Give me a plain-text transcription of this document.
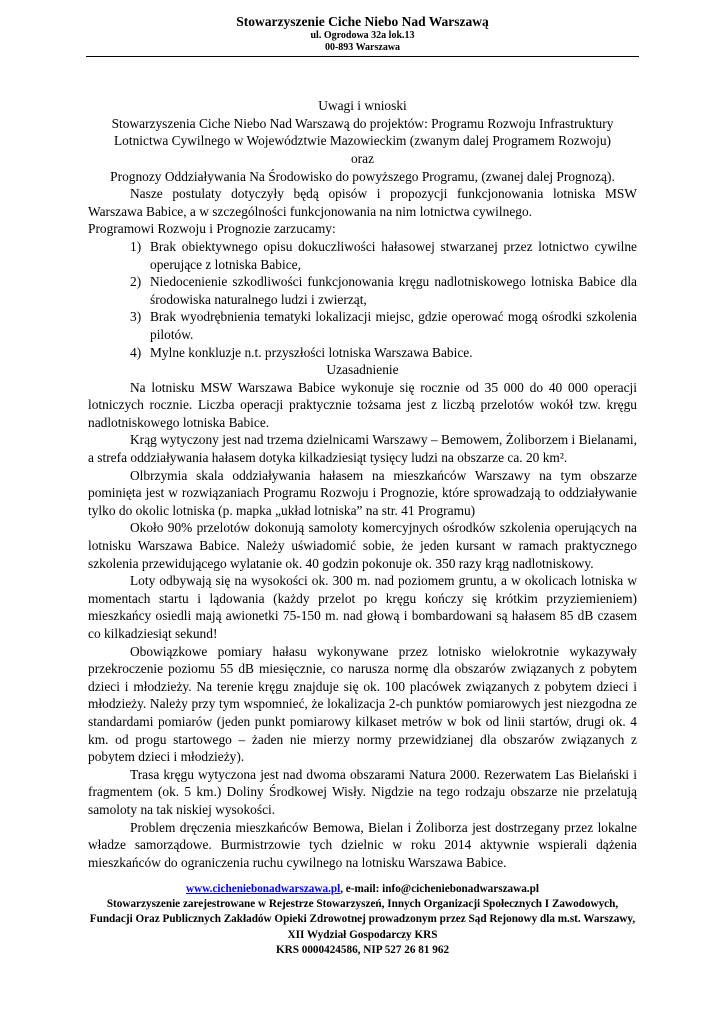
Stowarzyszenie Ciche Niebo Nad Warszawą
ul. Ogrodowa 32a lok.13
00-893 Warszawa
Uwagi i wnioski
Stowarzyszenia Ciche Niebo Nad Warszawą do projektów: Programu Rozwoju Infrastruktury Lotnictwa Cywilnego w Województwie Mazowieckim (zwanym dalej Programem Rozwoju)
oraz
Prognozy Oddziaływania Na Środowisko do powyższego Programu, (zwanej dalej Prognozą).
Nasze postulaty dotyczyły będą opisów i propozycji funkcjonowania lotniska MSW Warszawa Babice, a w szczególności funkcjonowania na nim lotnictwa cywilnego.
Programowi Rozwoju i Prognozie zarzucamy:
1) Brak obiektywnego opisu dokuczliwości hałasowej stwarzanej przez lotnictwo cywilne operujące z lotniska Babice,
2) Niedocenienie szkodliwości funkcjonowania kręgu nadlotniskowego lotniska Babice dla środowiska naturalnego ludzi i zwierząt,
3) Brak wyodrębnienia tematyki lokalizacji miejsc, gdzie operować mogą ośrodki szkolenia pilotów.
4) Mylne konkluzje n.t. przyszłości lotniska Warszawa Babice.
Uzasadnienie
Na lotnisku MSW Warszawa Babice wykonuje się rocznie od 35 000 do 40 000 operacji lotniczych rocznie. Liczba operacji praktycznie tożsama jest z liczbą przelotów wokół tzw. kręgu nadlotniskowego lotniska Babice.
Krąg wytyczony jest nad trzema dzielnicami Warszawy – Bemowem, Żoliborzem i Bielanami, a strefa oddziaływania hałasem dotyka kilkadziesiąt tysięcy ludzi na obszarze ca. 20 km².
Olbrzymia skala oddziaływania hałasem na mieszkańców Warszawy na tym obszarze pominięta jest w rozwiązaniach Programu Rozwoju i Prognozie, które sprowadzają to oddziaływanie tylko do okolic lotniska (p. mapka „układ lotniska” na str. 41 Programu)
Około 90% przelotów dokonują samoloty komercyjnych ośrodków szkolenia operujących na lotnisku Warszawa Babice. Należy uświadomić sobie, że jeden kursant w ramach praktycznego szkolenia przewidującego wylatanie ok. 40 godzin pokonuje ok. 350 razy krąg nadlotniskowy.
Loty odbywają się na wysokości ok. 300 m. nad poziomem gruntu, a w okolicach lotniska w momentach startu i lądowania (każdy przelot po kręgu kończy się krótkim przyziemieniem) mieszkańcy osiedli mają awionetki 75-150 m. nad głową i bombardowani są hałasem 85 dB czasem co kilkadziesiąt sekund!
Obowiązkowe pomiary hałasu wykonywane przez lotnisko wielokrotnie wykazywały przekroczenie poziomu 55 dB miesięcznie, co narusza normę dla obszarów związanych z pobytem dzieci i młodzieży. Na terenie kręgu znajduje się ok. 100 placówek związanych z pobytem dzieci i młodzieży. Należy przy tym wspomnieć, że lokalizacja 2-ch punktów pomiarowych jest niezgodna ze standardami pomiarów (jeden punkt pomiarowy kilkaset metrów w bok od linii startów, drugi ok. 4 km. od progu startowego – żaden nie mierzy normy przewidzianej dla obszarów związanych z pobytem dzieci i młodzieży).
Trasa kręgu wytyczona jest nad dwoma obszarami Natura 2000. Rezerwatem Las Bielański i fragmentem (ok. 5 km.) Doliny Środkowej Wisły. Nigdzie na tego rodzaju obszarze nie przelatują samoloty na tak niskiej wysokości.
Problem dręczenia mieszkańców Bemowa, Bielan i Żoliborza jest dostrzegany przez lokalne władze samorządowe. Burmistrzowie tych dzielnic w roku 2014 aktywnie wspierali dążenia mieszkańców do ograniczenia ruchu cywilnego na lotnisku Warszawa Babice.
www.cicheniebonadwarszawa.pl, e-mail: info@cicheniebonadwarszawa.pl
Stowarzyszenie zarejestrowane w Rejestrze Stowarzyszeń, Innych Organizacji Społecznych I Zawodowych, Fundacji Oraz Publicznych Zakładów Opieki Zdrowotnej prowadzonym przez Sąd Rejonowy dla m.st. Warszawy, XII Wydział Gospodarczy KRS
KRS 0000424586, NIP 527 26 81 962
